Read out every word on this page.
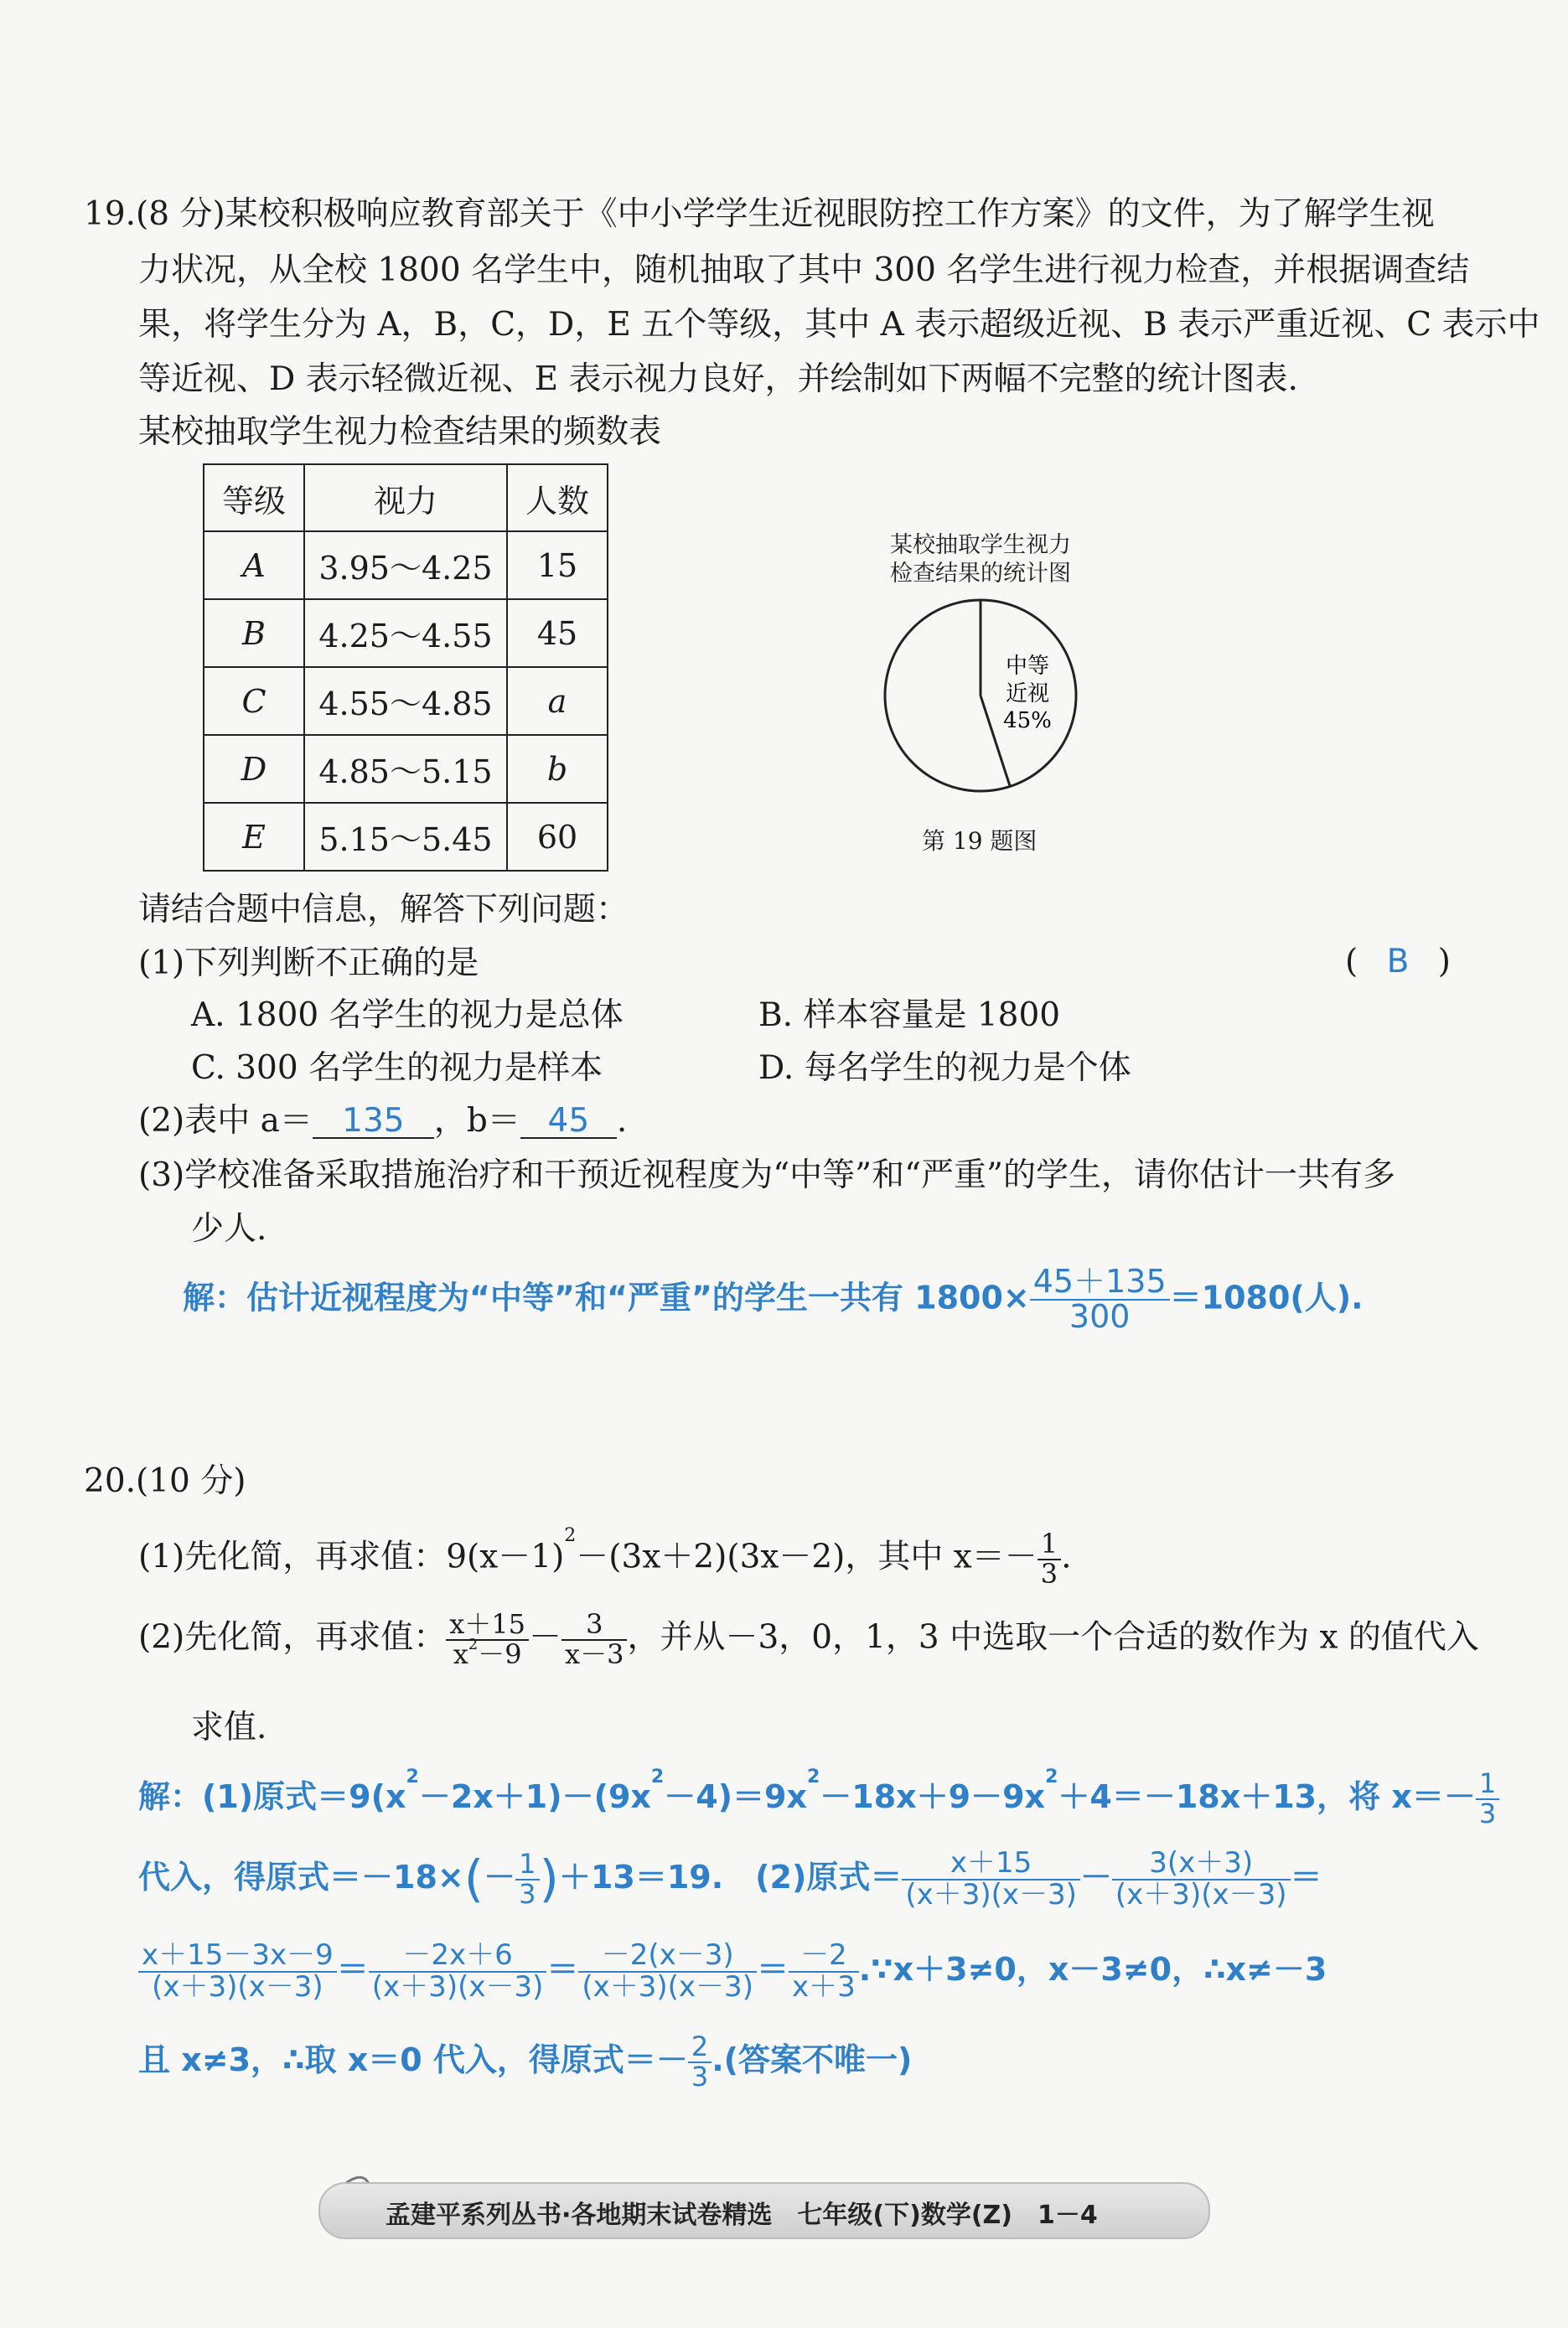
19.(8 分)某校积极响应教育部关于《中小学学生近视眼防控工作方案》的文件，为了解学生视
力状况，从全校 1800 名学生中，随机抽取了其中 300 名学生进行视力检查，并根据调查结
果，将学生分为 A，B，C，D，E 五个等级，其中 A 表示超级近视、B 表示严重近视、C 表示中
等近视、D 表示轻微近视、E 表示视力良好，并绘制如下两幅不完整的统计图表.
某校抽取学生视力检查结果的频数表
等级	视力	人数
A	3.95～4.25	15
B	4.25～4.55	45
C	4.55～4.85	a
D	4.85～5.15	b
E	5.15～5.45	60
某校抽取学生视力
检查结果的统计图
中等
近视
45%
第 19 题图
请结合题中信息，解答下列问题：
(1)下列判断不正确的是	( B )
A. 1800 名学生的视力是总体	B. 样本容量是 1800
C. 300 名学生的视力是样本	D. 每名学生的视力是个体
(2)表中 a＝ 135 ，b＝ 45 .
(3)学校准备采取措施治疗和干预近视程度为“中等”和“严重”的学生，请你估计一共有多
少人.
解：估计近视程度为“中等”和“严重”的学生一共有 $1800\times \frac{45+135}{300} =1080$(人).
20.(10 分)
(1)先化简，再求值：$9(x-1)^2-(3x+2)(3x-2)$，其中 $x=- \frac{1}{3}$ .
(2)先化简，再求值： $\frac{x+15}{x^2-9} - \frac{3}{x-3}$ ，并从－3，0，1，3 中选取一个合适的数作为 x 的值代入
求值.
解：(1)原式$=9(x^2-2x+1)-(9x^2-4)=9x^2-18x+9-9x^2+4=-18x+13$，将 $x=- \frac{1}{3}$
代入，得原式$=-18\times(- \frac{1}{3} )+13=19$.　(2)原式＝ $\frac{x+15}{(x+3)(x-3)} - \frac{3(x+3)}{(x+3)(x-3)}$ ＝
$\frac{x+15-3x-9}{(x+3)(x-3)} = \frac{-2x+6}{(x+3)(x-3)} = \frac{-2(x-3)}{(x+3)(x-3)} = \frac{-2}{x+3}$ .∵x＋3≠0，x－3≠0，∴x≠－3
且 x≠3，∴取 x＝0 代入，得原式＝－ $\frac{2}{3}$ .(答案不唯一)
孟建平系列丛书·各地期末试卷精选　七年级(下)数学(Z)　1－4
